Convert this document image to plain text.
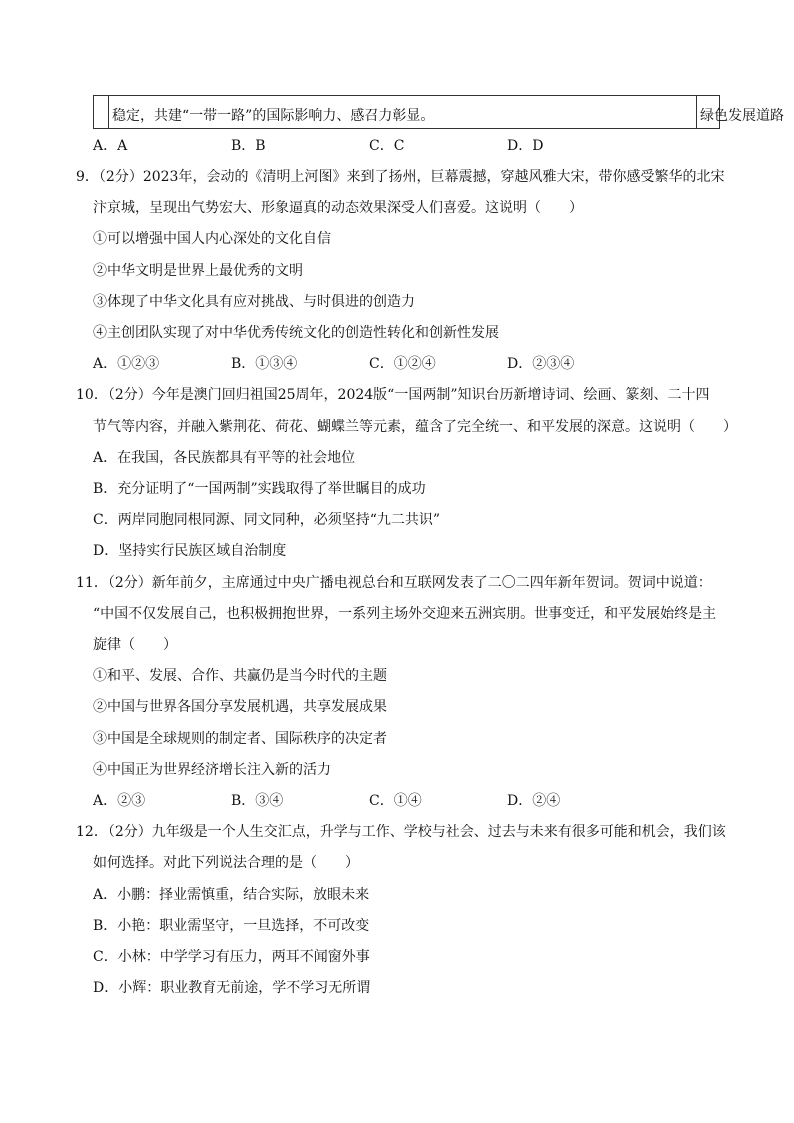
稳定，共建“一带一路”的国际影响力、感召力彰显。	绿色发展道路
A．A	B．B	C．C	D．D
9．（2分）2023年，会动的《清明上河图》来到了扬州，巨幕震撼，穿越风雅大宋，带你感受繁华的北宋
汴京城，呈现出气势宏大、形象逼真的动态效果深受人们喜爱。这说明（　　）
①可以增强中国人内心深处的文化自信
②中华文明是世界上最优秀的文明
③体现了中华文化具有应对挑战、与时俱进的创造力
④主创团队实现了对中华优秀传统文化的创造性转化和创新性发展
A．①②③	B．①③④	C．①②④	D．②③④
10．（2分）今年是澳门回归祖国25周年，2024版“一国两制”知识台历新增诗词、绘画、篆刻、二十四
节气等内容，并融入紫荆花、荷花、蝴蝶兰等元素，蕴含了完全统一、和平发展的深意。这说明（　　）
A．在我国，各民族都具有平等的社会地位
B．充分证明了“一国两制”实践取得了举世瞩目的成功
C．两岸同胞同根同源、同文同种，必须坚持“九二共识”
D．坚持实行民族区域自治制度
11．（2分）新年前夕，主席通过中央广播电视总台和互联网发表了二〇二四年新年贺词。贺词中说道：
“中国不仅发展自己，也积极拥抱世界，一系列主场外交迎来五洲宾朋。世事变迁，和平发展始终是主
旋律（　　）
①和平、发展、合作、共赢仍是当今时代的主题
②中国与世界各国分享发展机遇，共享发展成果
③中国是全球规则的制定者、国际秩序的决定者
④中国正为世界经济增长注入新的活力
A．②③	B．③④	C．①④	D．②④
12．（2分）九年级是一个人生交汇点，升学与工作、学校与社会、过去与未来有很多可能和机会，我们该
如何选择。对此下列说法合理的是（　　）
A．小鹏：择业需慎重，结合实际，放眼未来
B．小艳：职业需坚守，一旦选择，不可改变
C．小林：中学学习有压力，两耳不闻窗外事
D．小辉：职业教育无前途，学不学习无所谓
